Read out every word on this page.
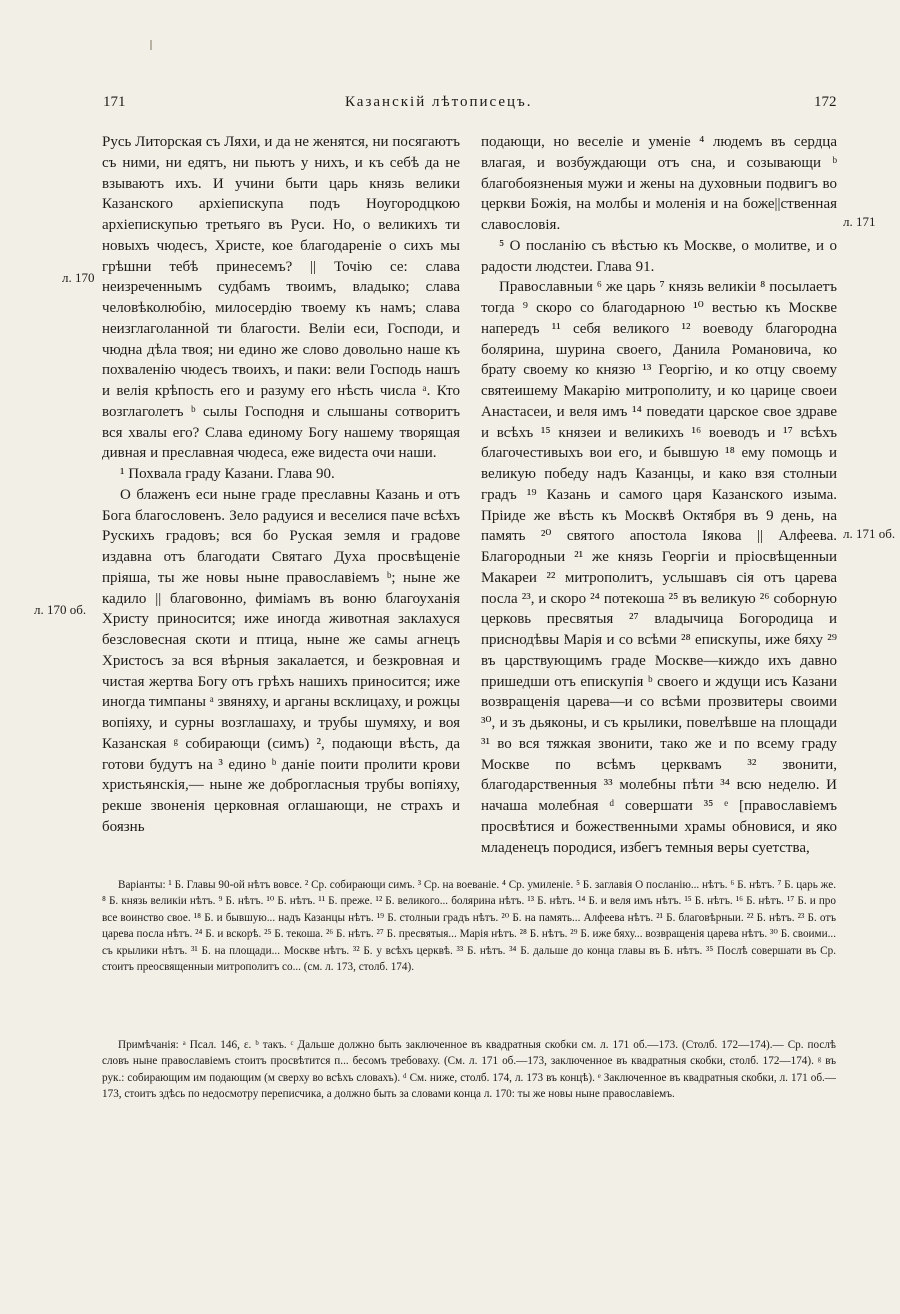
171	Казанскій лѣтописецъ.	172

Русь Литорская съ Ляхи, и да не женятся, ни посягаютъ съ ними, ни едятъ, ни пьютъ у нихъ, и къ себѣ да не взываютъ ихъ. И учини быти царь князь велики Казанского архіепискупа подъ Ноугородцкою архіепискупью третьяго въ Руси. Но, о великихъ ти новыхъ чюдесъ, Христе, кое благодареніе о сихъ мы грѣшни тебѣ принесемъ? || Точію се: слава неизреченнымъ судбамъ твоимъ, владыко; слава человѣколюбію, милосердію твоему къ намъ; слава неизглаголанной ти благости. Велiи еси, Господи, и чюдна дѣла твоя; ни едино же слово довольно наше къ похваленію чюдесъ твоихъ, и паки: вели Господь нашъ и велія крѣпость его и разуму его нѣсть числа ᵃ. Кто возглаголетъ ᵇ сылы Господня и слышаны сотворитъ вся хвалы его? Слава единому Богу нашему творящая дивная и преславная чюдеса, еже видеста очи наши.

¹ Похвала граду Казани. Глава 90.

О блаженъ еси ныне граде преславны Казань и отъ Бога благословенъ. Зело радуися и веселися паче всѣхъ Рускихъ градовъ; вся бо Руская земля и градове издавна отъ благодати Святаго Духа просвѣщеніе пріяша, ты же новы ныне православіемъ ᵇ; ныне же кадило || благовонно, фиміамъ въ воню благоуханія Христу приносится; иже иногда животная заклахуся безсловесная скоти и птица, ныне же самы агнецъ Христосъ за вся вѣрныя закалается, и безкровная и чистая жертва Богу отъ грѣхъ нашихъ приносится; иже иногда тимпаны ᵃ звяняху, и арганы всклицаху, и рожцы вопіяху, и сурны возглашаху, и трубы шумяху, и воя Казанская ᵍ собирающи (симъ) ², подающи вѣсть, да готови будутъ на ³ едино ᵇ даніе поити пролити крови христьянскія,— ныне же доброгласныя трубы вопіяху, рекше звоненія церковная оглашающи, не страхъ и боязнь

подающи, но веселіе и уменіе ⁴ людемъ въ сердца влагая, и возбуждающи отъ сна, и созывающи ᵇ благобоязненыя мужи и жены на духовныи подвигъ во церкви Божія, на молбы и моленія и на боже||ственная славословія.

⁵ О посланію съ вѣстью къ Москве, о молитве, и о радости людстеи. Глава 91.

Православныи ⁶ же царь ⁷ князь великіи ⁸ посылаетъ тогда ⁹ скоро со благодарною ¹⁰ вестью къ Москве напередъ ¹¹ себя великого ¹² воеводу благородна болярина, шурина своего, Данила Романовича, ко брату своему ко князю ¹³ Георгію, и ко отцу своему святеишему Макарію митрополиту, и ко царице своеи Анастасеи, и веля имъ ¹⁴ поведати царское свое здраве и всѣхъ ¹⁵ князеи и великихъ ¹⁶ воеводъ и ¹⁷ всѣхъ благочестивыхъ вои его, и бывшую ¹⁸ ему помощь и великую победу надъ Казанцы, и како взя столныи градъ ¹⁹ Казань и самого царя Казанского изыма. Пріиде же вѣсть къ Москвѣ Октября въ 9 день, на память ²⁰ святого апостола Іякова || Алфеева. Благородныи ²¹ же князь Георгіи и пріосвѣщенныи Макареи ²² митрополитъ, услышавъ сія отъ царева посла ²³, и скоро ²⁴ потекоша ²⁵ въ великую ²⁶ соборную церковь пресвятыя ²⁷ владычица Богородица и приснодѣвы Марія и со всѣми ²⁸ епискупы, иже бяху ²⁹ въ царствующимъ граде Москве—киждо ихъ давно пришедши отъ епискупія ᵇ своего и ждущи исъ Казани возвращенія царева—и со всѣми прозвитеры своими ³⁰, и зъ дьяконы, и съ крылики, повелѣвше на площади ³¹ во вся тяжкая звонити, тако же и по всему граду Москве по всѣмъ церквамъ ³² звонити, благодарственныя ³³ молебны пѣти ³⁴ всю неделю. И начаша молебная ᵈ совершати ³⁵ ᵉ [православіемъ просвѣтися и божественными храмы обновися, и яко младенецъ породися, избегъ темныя веры суетства,

л. 170
л. 170 об.
л. 171
л. 171 об.

Варіанты: ¹ Б. Главы 90-ой нѣтъ вовсе. ² Ср. собирающи симъ. ³ Ср. на воеваніе. ⁴ Ср. умиленіе. ⁵ Б. заглавія О посланію... нѣтъ. ⁶ Б. нѣтъ. ⁷ Б. царь же. ⁸ Б. князь великіи нѣтъ. ⁹ Б. нѣтъ. ¹⁰ Б. нѣтъ. ¹¹ Б. преже. ¹² Б. великого... болярина нѣтъ. ¹³ Б. нѣтъ. ¹⁴ Б. и веля имъ нѣтъ. ¹⁵ Б. нѣтъ. ¹⁶ Б. нѣтъ. ¹⁷ Б. и про все воинство свое. ¹⁸ Б. и бывшую... надъ Казанцы нѣтъ. ¹⁹ Б. столныи градъ нѣтъ. ²⁰ Б. на память... Алфеева нѣтъ. ²¹ Б. благовѣрныи. ²² Б. нѣтъ. ²³ Б. отъ царева посла нѣтъ. ²⁴ Б. и вскорѣ. ²⁵ Б. текоша. ²⁶ Б. нѣтъ. ²⁷ Б. пресвятыя... Марія нѣтъ. ²⁸ Б. нѣтъ. ²⁹ Б. иже бяху... возвращенія царева нѣтъ. ³⁰ Б. своими... съ крылики нѣтъ. ³¹ Б. на площади... Москве нѣтъ. ³² Б. у всѣхъ церквѣ. ³³ Б. нѣтъ. ³⁴ Б. дальше до конца главы въ Б. нѣтъ. ³⁵ Послѣ совершати въ Ср. стоитъ преосвященныи митрополитъ со... (см. л. 173, столб. 174).

Примѣчанія: ᵃ Псал. 146, ε. ᵇ такъ. ᶜ Дальше должно быть заключенное въ квадратныя скобки см. л. 171 об.—173. (Столб. 172—174).— Ср. послѣ словъ ныне православіемъ стоитъ просвѣтится п... бесомъ требоваху. (См. л. 171 об.—173, заключенное въ квадратныя скобки, столб. 172—174). ᵍ въ рук.: собирающим им подающим (м сверху во всѣхъ словахъ). ᵈ См. ниже, столб. 174, л. 173 въ концѣ). ᵉ Заключенное въ квадратныя скобки, л. 171 об.—173, стоитъ здѣсь по недосмотру переписчика, а должно быть за словами конца л. 170: ты же новы ныне православіемъ.
